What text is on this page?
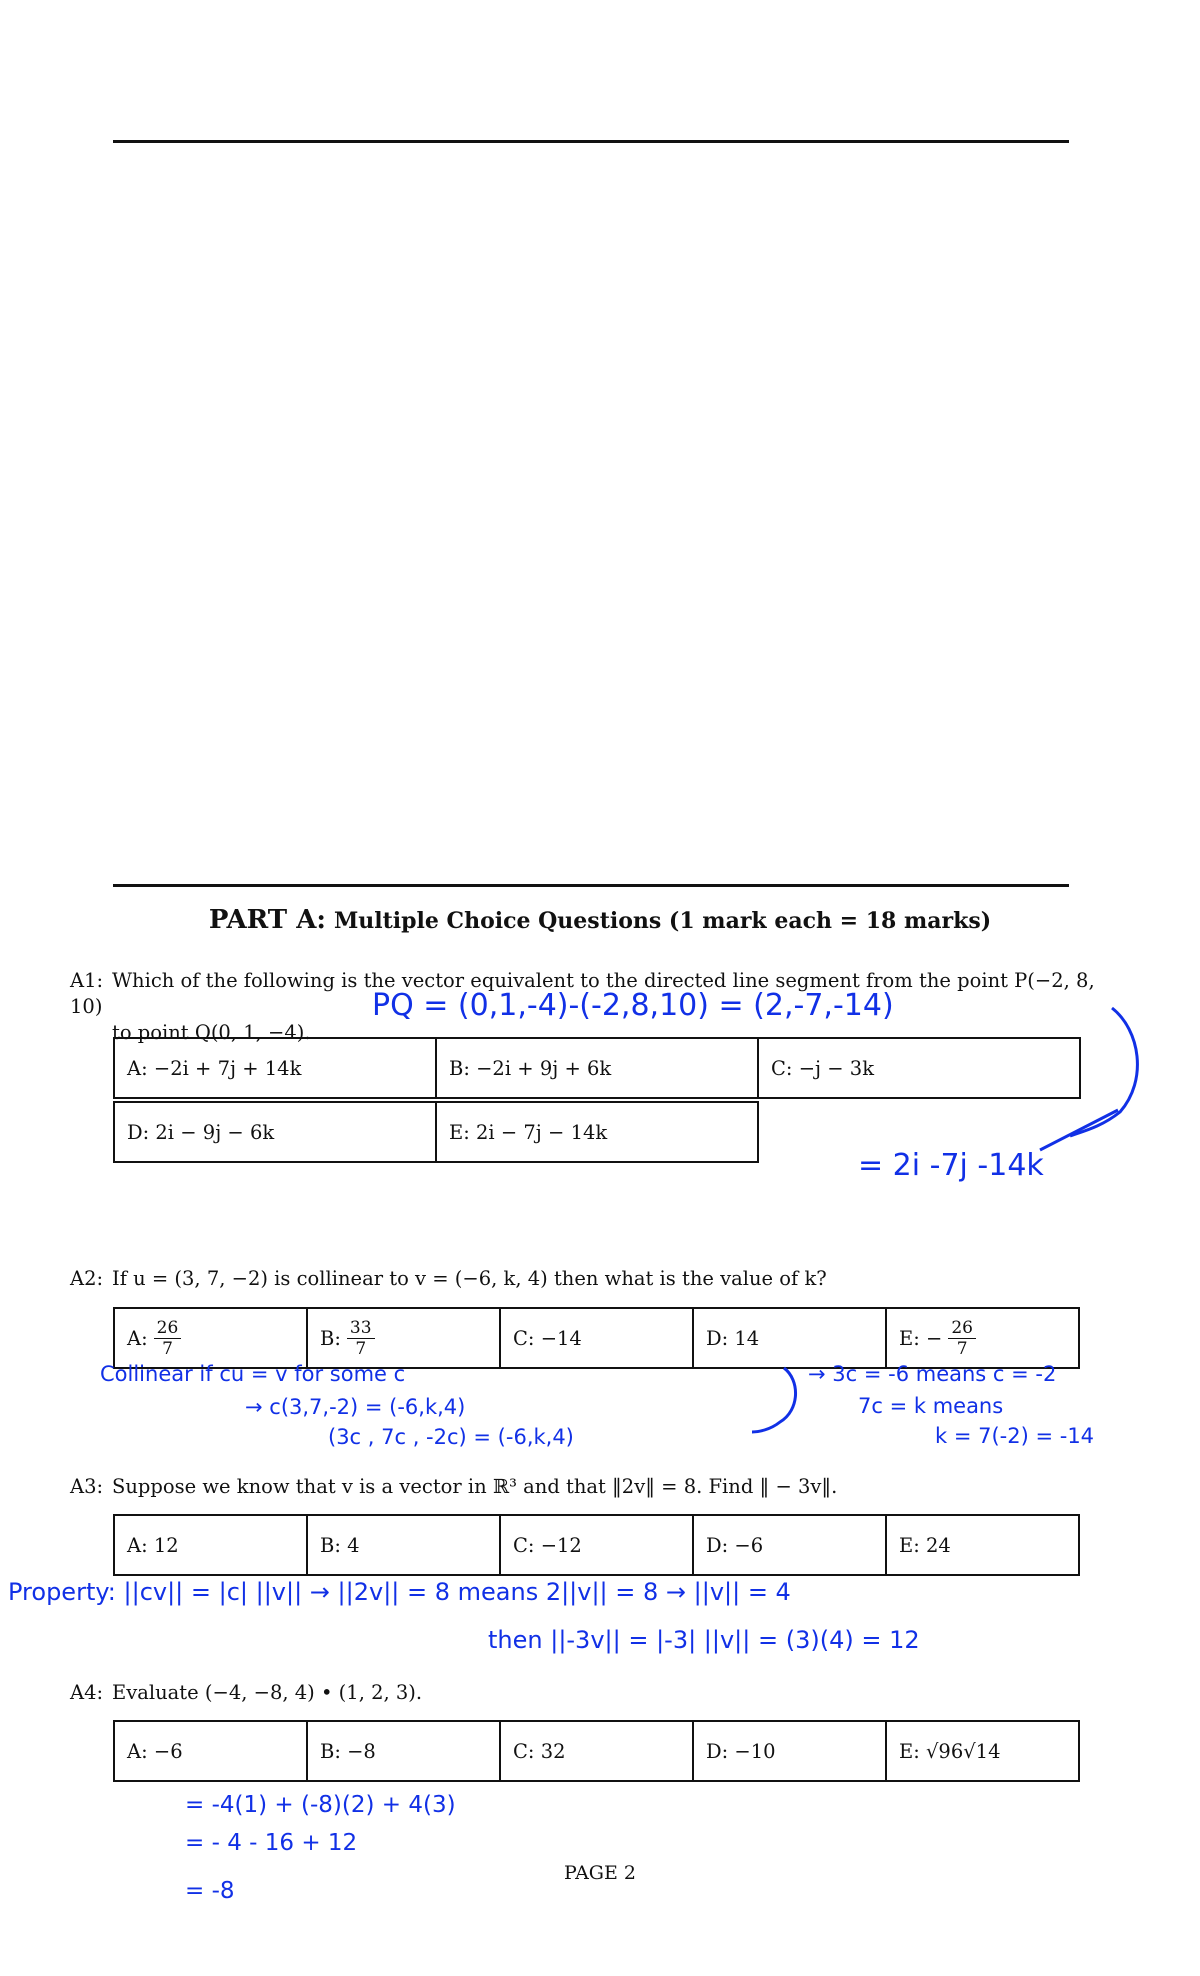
PART A: Multiple Choice Questions (1 mark each = 18 marks)
A1: Which of the following is the vector equivalent to the directed line segment from the point P(−2, 8, 10)
to point Q(0, 1, −4).
A: −2i + 7j + 14k	B: −2i + 9j + 6k	C: −j − 3k
D: 2i − 9j − 6k	E: 2i − 7j − 14k
A2: If u = (3, 7, −2) is collinear to v = (−6, k, 4) then what is the value of k?
A: $\frac{26}{7}$	B: $\frac{33}{7}$	C: −14	D: 14	E:
− $\frac{26}{7}$
A3: Suppose we know that v is a vector in ℝ³ and that ‖2v‖ = 8. Find ‖ − 3v‖.
A: 12	B: 4	C: −12	D: −6	E: 24
A4: Evaluate (−4, −8, 4) • (1, 2, 3).
A: −6	B: −8	C: 32	D: −10	E: √96√14
PQ = (0,1,-4)-(-2,8,10) = (2,-7,-14)
= 2i -7j -14k
Collinear if cu = v for some c
→ c(3,7,-2) = (-6,k,4)
(3c , 7c , -2c) = (-6,k,4)
→ 3c = -6 means c = -2
7c = k means
k = 7(-2) = -14
Property: ||cv|| = |c| ||v|| → ||2v|| = 8 means 2||v|| = 8 → ||v|| = 4
then ||-3v|| = |-3| ||v|| = (3)(4) = 12
= -4(1) + (-8)(2) + 4(3)
= - 4 - 16 + 12
= -8
PAGE 2
